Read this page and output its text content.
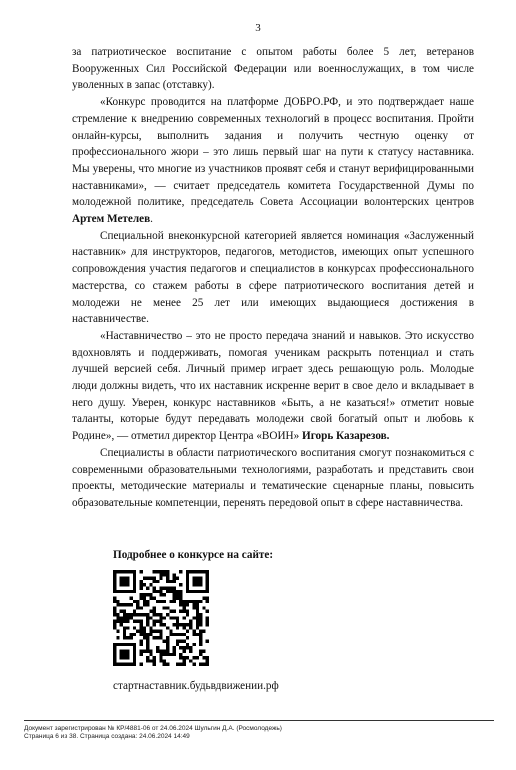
3

за патриотическое воспитание с опытом работы более 5 лет, ветеранов Вооруженных Сил Российской Федерации или военнослужащих, в том числе уволенных в запас (отставку).

«Конкурс проводится на платформе ДОБРО.РФ, и это подтверждает наше стремление к внедрению современных технологий в процесс воспитания. Пройти онлайн-курсы, выполнить задания и получить честную оценку от профессионального жюри – это лишь первый шаг на пути к статусу наставника. Мы уверены, что многие из участников проявят себя и станут верифицированными наставниками», — считает председатель комитета Государственной Думы по молодежной политике, председатель Совета Ассоциации волонтерских центров Артем Метелев.

Специальной внеконкурсной категорией является номинация «Заслуженный наставник» для инструкторов, педагогов, методистов, имеющих опыт успешного сопровождения участия педагогов и специалистов в конкурсах профессионального мастерства, со стажем работы в сфере патриотического воспитания детей и молодежи не менее 25 лет или имеющих выдающиеся достижения в наставничестве.

«Наставничество – это не просто передача знаний и навыков. Это искусство вдохновлять и поддерживать, помогая ученикам раскрыть потенциал и стать лучшей версией себя. Личный пример играет здесь решающую роль. Молодые люди должны видеть, что их наставник искренне верит в свое дело и вкладывает в него душу. Уверен, конкурс наставников «Быть, а не казаться!» отметит новые таланты, которые будут передавать молодежи свой богатый опыт и любовь к Родине», — отметил директор Центра «ВОИН» Игорь Казарезов.

Специалисты в области патриотического воспитания смогут познакомиться с современными образовательными технологиями, разработать и представить свои проекты, методические материалы и тематические сценарные планы, повысить образовательные компетенции, перенять передовой опыт в сфере наставничества.

Подробнее о конкурсе на сайте:
стартнаставник.будьвдвижении.рф
Документ зарегистрирован № КР/4881-06 от 24.06.2024 Шульгин Д.А. (Росмолодежь)
Страница 6 из 38. Страница создана: 24.06.2024 14:49
